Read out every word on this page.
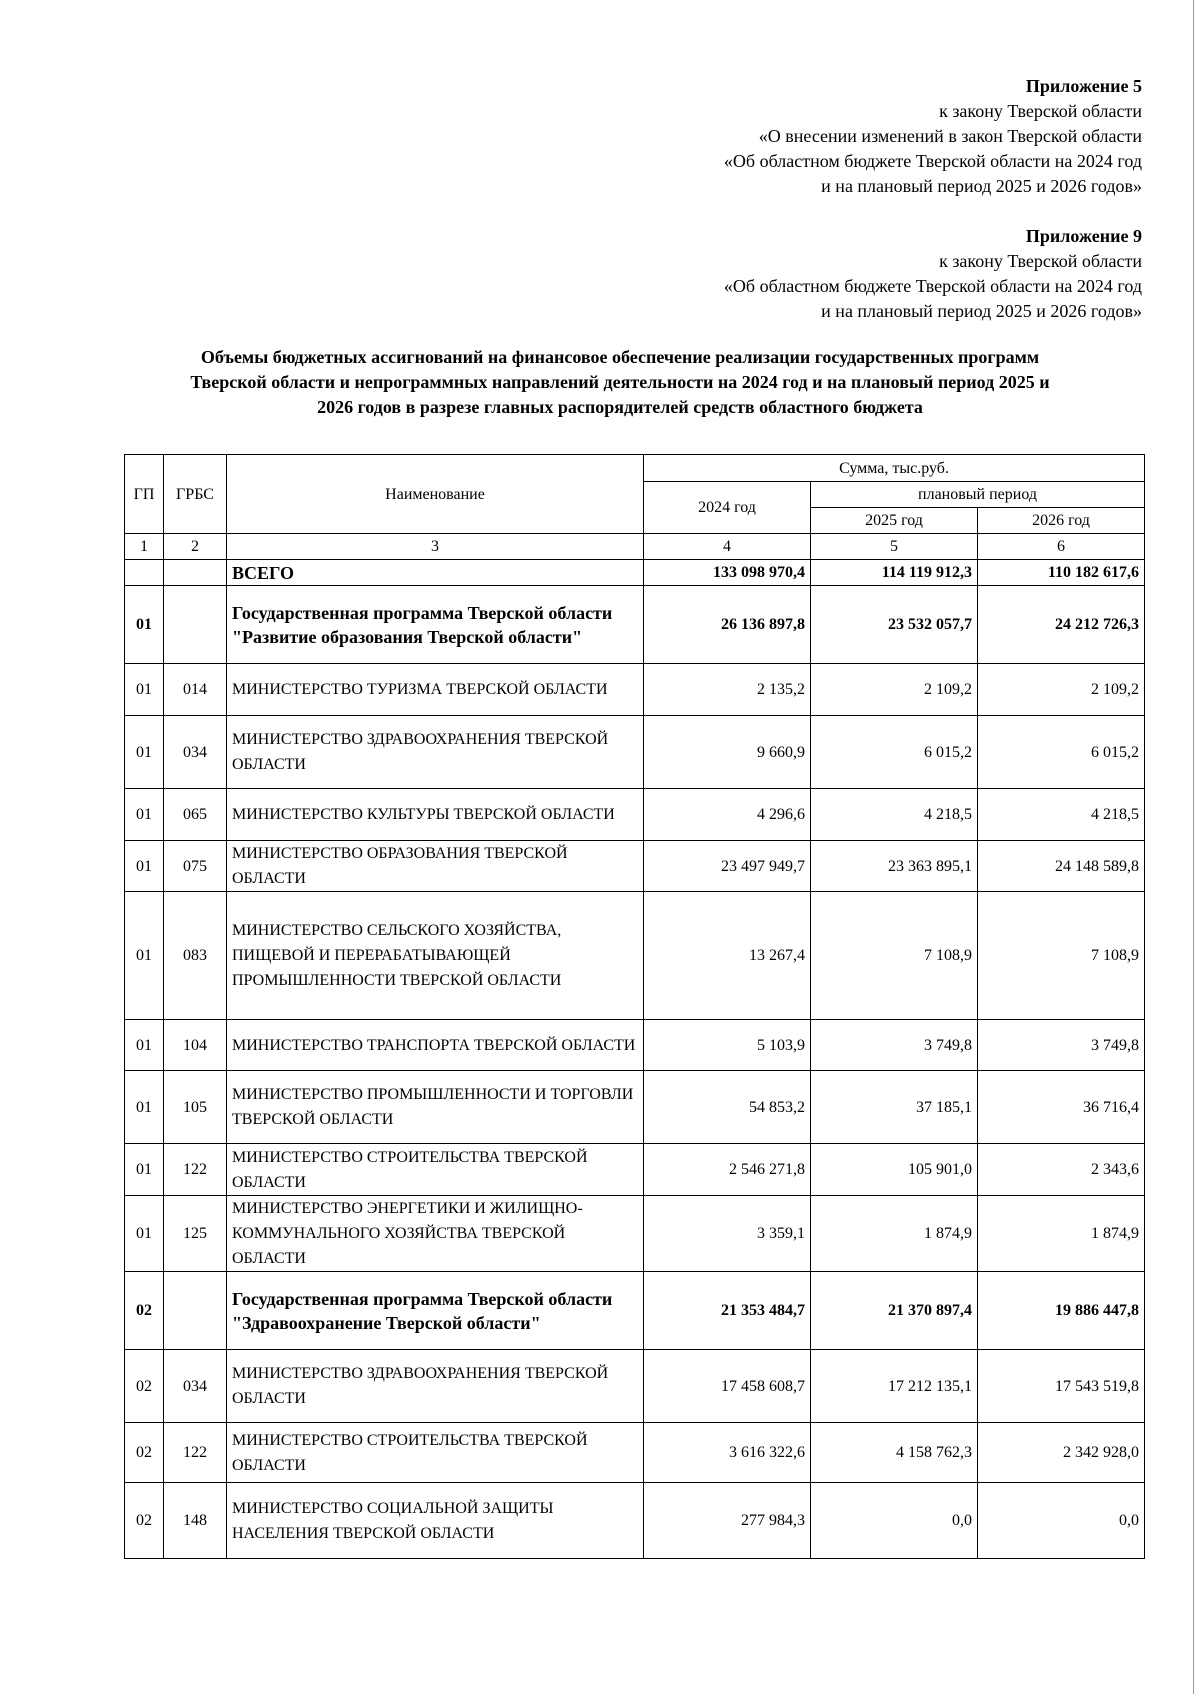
Приложение 5
к закону Тверской области
«О внесении изменений в закон Тверской области
«Об областном бюджете Тверской области на 2024 год
и на плановый период 2025 и 2026 годов»
Приложение 9
к закону Тверской области
«Об областном бюджете Тверской области на 2024 год
и на плановый период 2025 и 2026 годов»
Объемы бюджетных ассигнований на финансовое обеспечение реализации государственных программ
Тверской области и непрограммных направлений деятельности на 2024 год и на плановый период 2025 и
2026 годов в разрезе главных распорядителей средств областного бюджета
ГП	ГРБС	Наименование	Сумма, тыс.руб.		
			2024 год	плановый период	
				2025 год	2026 год
1	2	3	4	5	6
		ВСЕГО	133 098 970,4	114 119 912,3	110 182 617,6
01		Государственная программа Тверской области "Развитие образования Тверской области"	26 136 897,8	23 532 057,7	24 212 726,3
01	014	МИНИСТЕРСТВО ТУРИЗМА ТВЕРСКОЙ ОБЛАСТИ	2 135,2	2 109,2	2 109,2
01	034	МИНИСТЕРСТВО ЗДРАВООХРАНЕНИЯ ТВЕРСКОЙ ОБЛАСТИ	9 660,9	6 015,2	6 015,2
01	065	МИНИСТЕРСТВО КУЛЬТУРЫ ТВЕРСКОЙ ОБЛАСТИ	4 296,6	4 218,5	4 218,5
01	075	МИНИСТЕРСТВО ОБРАЗОВАНИЯ ТВЕРСКОЙ ОБЛАСТИ	23 497 949,7	23 363 895,1	24 148 589,8
01	083	МИНИСТЕРСТВО СЕЛЬСКОГО ХОЗЯЙСТВА, ПИЩЕВОЙ И ПЕРЕРАБАТЫВАЮЩЕЙ ПРОМЫШЛЕННОСТИ ТВЕРСКОЙ ОБЛАСТИ	13 267,4	7 108,9	7 108,9
01	104	МИНИСТЕРСТВО ТРАНСПОРТА ТВЕРСКОЙ ОБЛАСТИ	5 103,9	3 749,8	3 749,8
01	105	МИНИСТЕРСТВО ПРОМЫШЛЕННОСТИ И ТОРГОВЛИ ТВЕРСКОЙ ОБЛАСТИ	54 853,2	37 185,1	36 716,4
01	122	МИНИСТЕРСТВО СТРОИТЕЛЬСТВА ТВЕРСКОЙ ОБЛАСТИ	2 546 271,8	105 901,0	2 343,6
01	125	МИНИСТЕРСТВО ЭНЕРГЕТИКИ И ЖИЛИЩНО-КОММУНАЛЬНОГО ХОЗЯЙСТВА ТВЕРСКОЙ ОБЛАСТИ	3 359,1	1 874,9	1 874,9
02		Государственная программа Тверской области "Здравоохранение Тверской области"	21 353 484,7	21 370 897,4	19 886 447,8
02	034	МИНИСТЕРСТВО ЗДРАВООХРАНЕНИЯ ТВЕРСКОЙ ОБЛАСТИ	17 458 608,7	17 212 135,1	17 543 519,8
02	122	МИНИСТЕРСТВО СТРОИТЕЛЬСТВА ТВЕРСКОЙ ОБЛАСТИ	3 616 322,6	4 158 762,3	2 342 928,0
02	148	МИНИСТЕРСТВО СОЦИАЛЬНОЙ ЗАЩИТЫ НАСЕЛЕНИЯ ТВЕРСКОЙ ОБЛАСТИ	277 984,3	0,0	0,0
